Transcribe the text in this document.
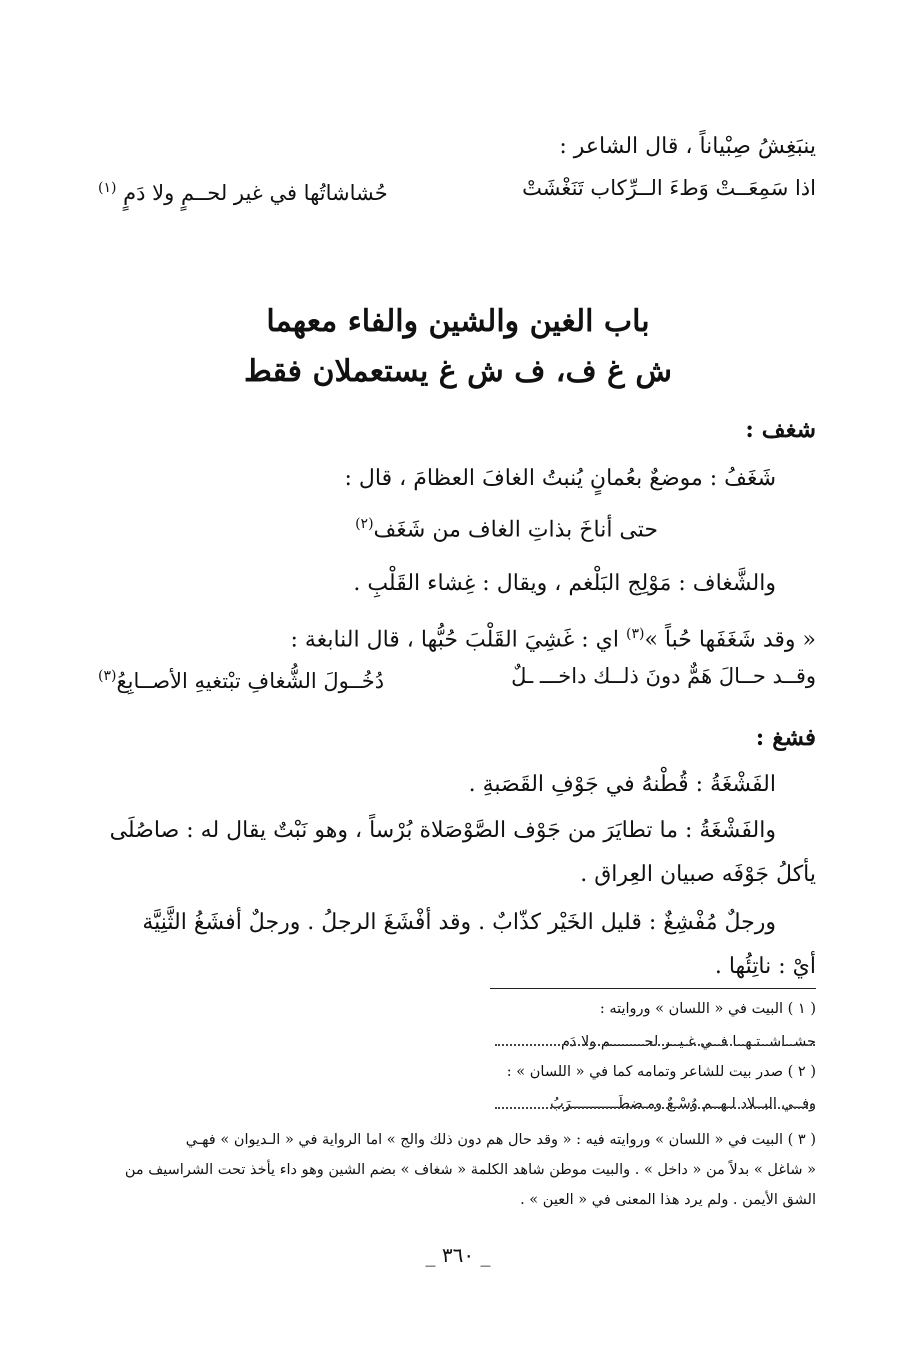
ينبَغِشُ صِبْياناً ، قال الشاعر :
اذا سَمِعَــتْ وَطءَ الــرِّكاب تَنَغْشَتْ
حُشاشاتُها في غير لحــمٍ ولا دَمٍ $^{(١)}$
باب الغين والشين والفاء معهما
ش غ ف، ف ش غ يستعملان فقط
شغف :
شَغَفُ : موضعٌ بعُمانٍ يُنبتُ الغافَ العظامَ ، قال :
حتى أناخَ بذاتِ الغاف من شَغَف$^{(٢)}$
والشَّغاف : مَوْلِج البَلْغم ، ويقال : غِشاء القَلْبِ .
« وقد شَغَفَها حُباً »$^{(٣)}$ اي : غَشِيَ القَلْبَ حُبُّها ، قال النابغة :
وقــد حــالَ هَمٌّ دونَ ذلــك داخـــ ـلٌ
دُخُــولَ الشُّغافِ تبْتغيهِ الأصــابِعُ$^{(٣)}$
فشغ :
الفَشْغَةُ : قُطْنهُ في جَوْفِ القَصَبةِ .
والفَشْغَةُ : ما تطايَرَ من جَوْف الصَّوْصَلاة بُرْساً ، وهو نَبْتٌ يقال له : صاصُلَى
يأكلُ جَوْفَه صبيان العِراق .
ورجلٌ مُفْشِغٌ : قليل الخَيْر كذّابٌ . وقد أفْشَغَ الرجلُ . ورجلٌ أفشَغُ الثَّنِيَّة
أيْ : ناتِئُها .
( ١ ) البيت في « اللسان » وروايته :
حشــاشــتـهــا فــي غـيــر لحــــــــم ولا دَم
( ٢ ) صدر بيت للشاعر وتمامه كما في « اللسان » :
وفــي البــلاد لـهــم وُسْـعٌ ومـضطَـــــــــــرَبُ
( ٣ ) البيت في « اللسان » وروايته فيه : « وقد حال هم دون ذلك والج » اما الرواية في « الـديوان » فهـي
« شاغل » بدلاً من « داخل » . والبيت موطن شاهد الكلمة « شغاف » بضم الشين وهو داء يأخذ تحت الشراسيف من
الشق الأيمن . ولم يرد هذا المعنى في « العين » .
_ ٣٦٠ _
